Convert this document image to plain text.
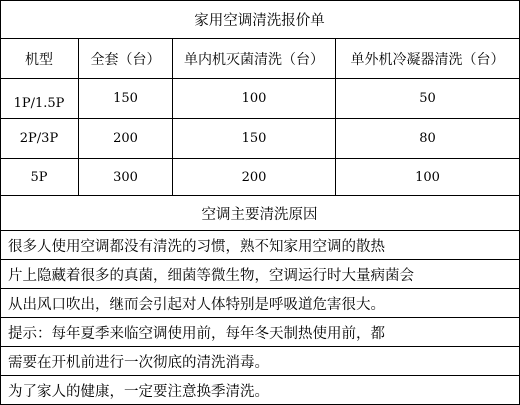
家用空调清洗报价单
机型	全套（台）	单内机灭菌清洗（台）	单外机冷凝器清洗（台）
1P/1.5P	150	100	50
2P/3P	200	150	80
5P	300	200	100
空调主要清洗原因
很多人使用空调都没有清洗的习惯，熟不知家用空调的散热
片上隐藏着很多的真菌，细菌等微生物，空调运行时大量病菌会
从出风口吹出，继而会引起对人体特别是呼吸道危害很大。
提示：每年夏季来临空调使用前，每年冬天制热使用前，都
需要在开机前进行一次彻底的清洗消毒。
为了家人的健康，一定要注意换季清洗。
